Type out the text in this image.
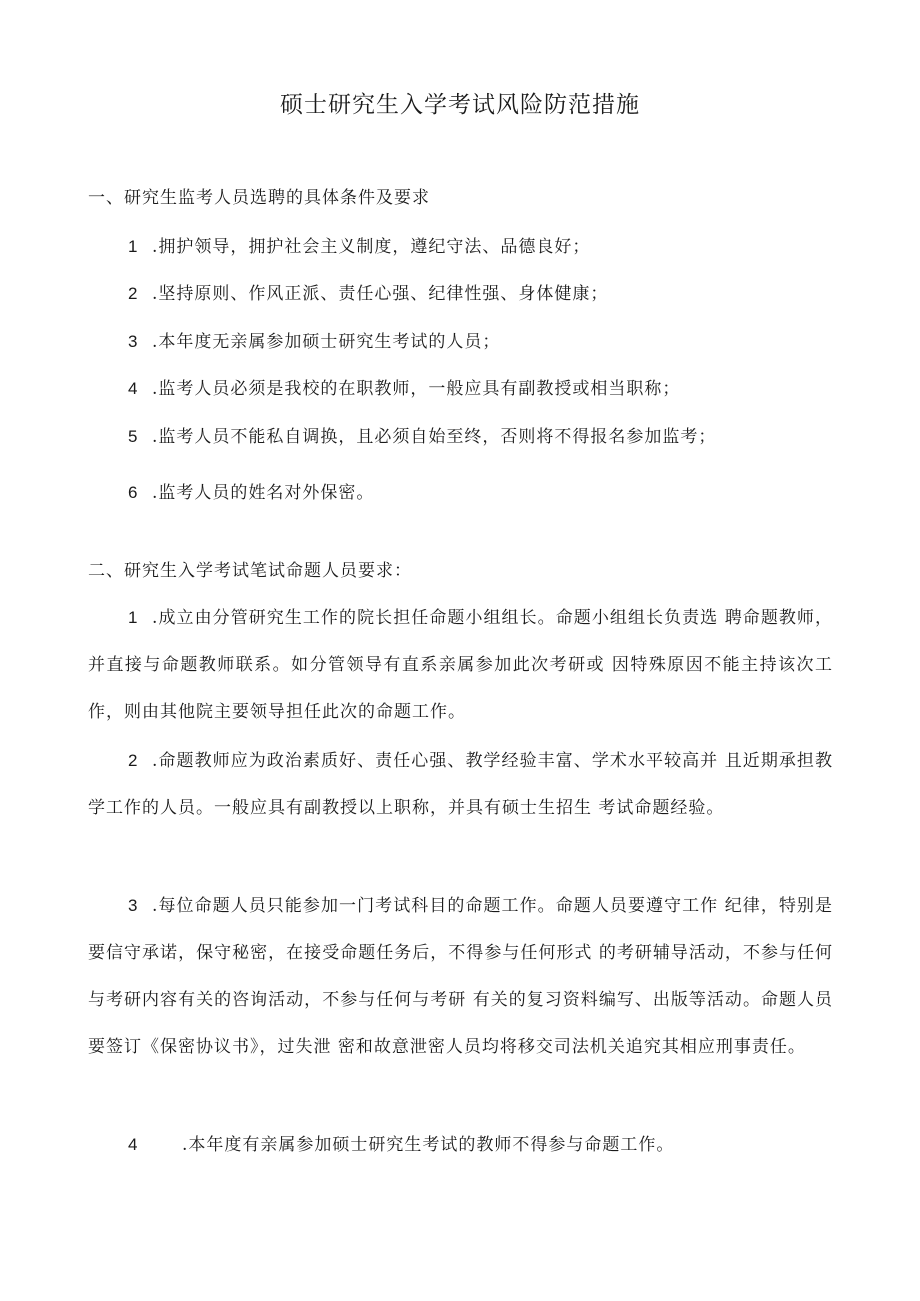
硕士研究生入学考试风险防范措施
一、研究生监考人员选聘的具体条件及要求
1 .拥护领导，拥护社会主义制度，遵纪守法、品德良好；
2 .坚持原则、作风正派、责任心强、纪律性强、身体健康；
3 .本年度无亲属参加硕士研究生考试的人员；
4 .监考人员必须是我校的在职教师，一般应具有副教授或相当职称；
5 .监考人员不能私自调换，且必须自始至终，否则将不得报名参加监考；
6 .监考人员的姓名对外保密。
二、研究生入学考试笔试命题人员要求：
1 .成立由分管研究生工作的院长担任命题小组组长。命题小组组长负责选 聘命题教师，并直接与命题教师联系。如分管领导有直系亲属参加此次考研或 因特殊原因不能主持该次工作，则由其他院主要领导担任此次的命题工作。
2 .命题教师应为政治素质好、责任心强、教学经验丰富、学术水平较高并 且近期承担教学工作的人员。一般应具有副教授以上职称，并具有硕士生招生 考试命题经验。
3 .每位命题人员只能参加一门考试科目的命题工作。命题人员要遵守工作 纪律，特别是要信守承诺，保守秘密，在接受命题任务后，不得参与任何形式 的考研辅导活动，不参与任何与考研内容有关的咨询活动，不参与任何与考研 有关的复习资料编写、出版等活动。命题人员要签订《保密协议书》，过失泄 密和故意泄密人员均将移交司法机关追究其相应刑事责任。
4	.本年度有亲属参加硕士研究生考试的教师不得参与命题工作。
